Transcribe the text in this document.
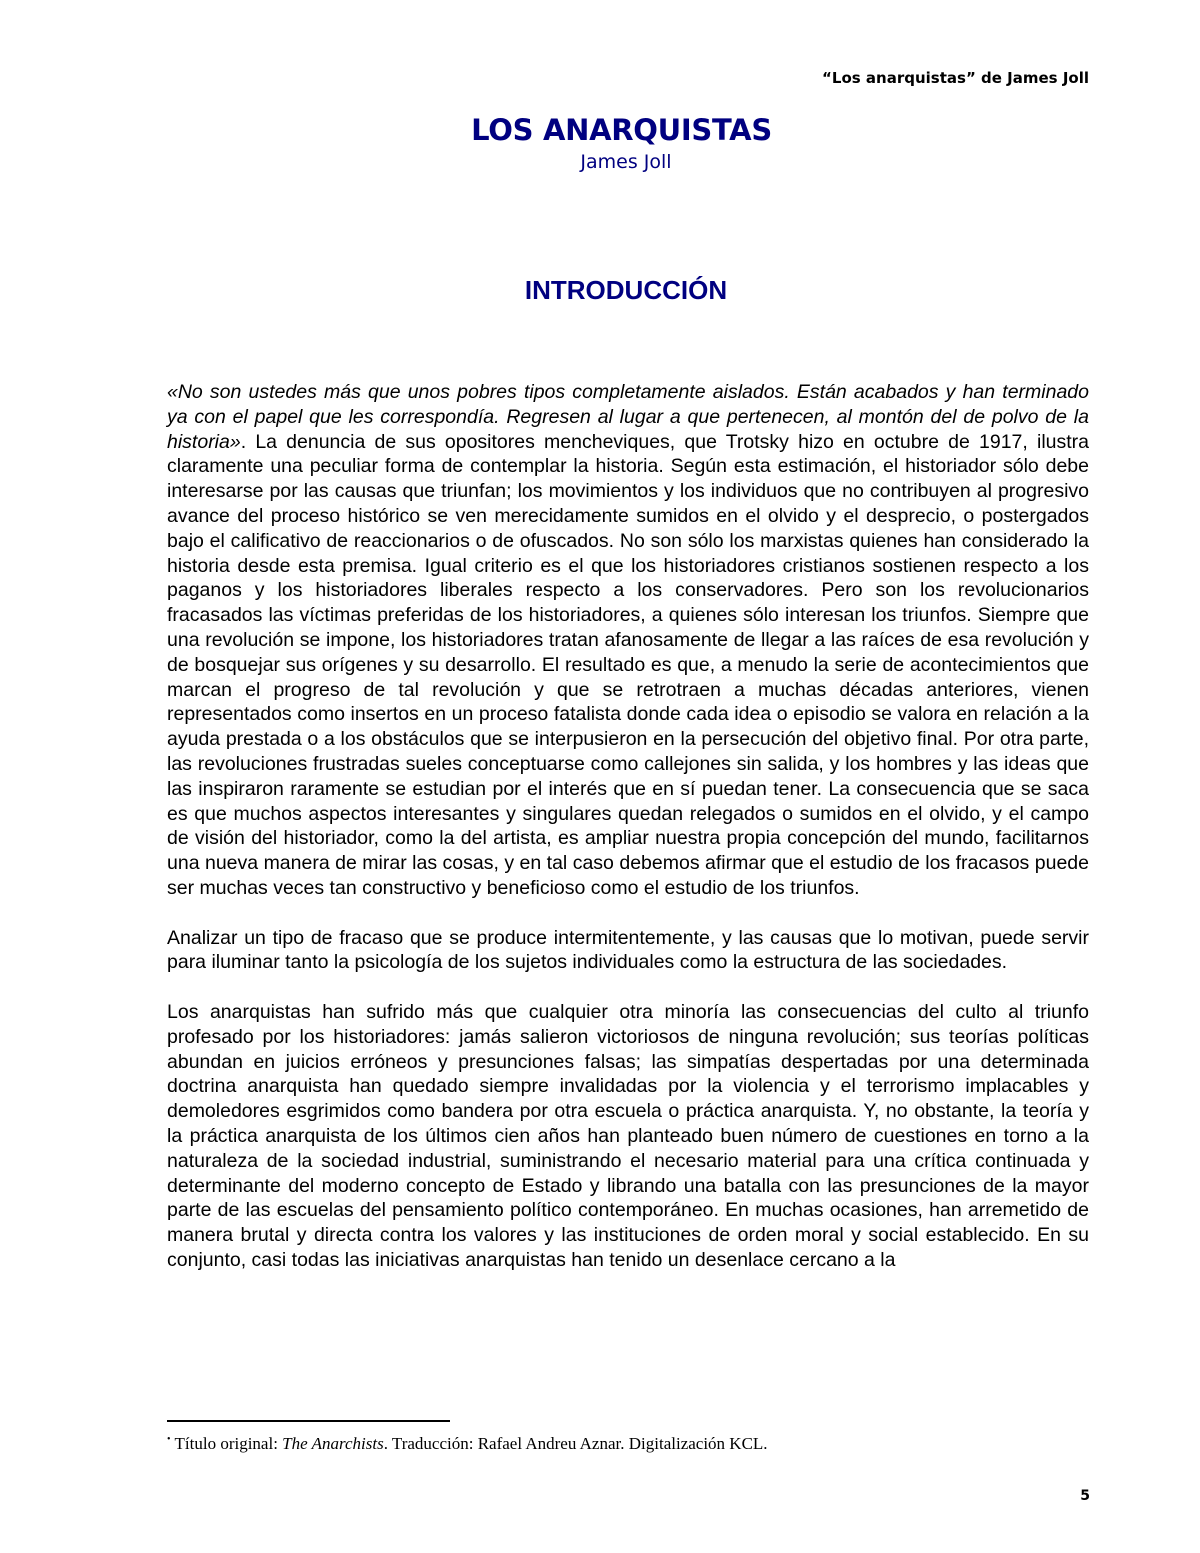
“Los anarquistas” de James Joll
LOS ANARQUISTAS
James Joll
INTRODUCCIÓN

«No son ustedes más que unos pobres tipos completamente aislados. Están acabados y han terminado ya con el papel que les correspondía. Regresen al lugar a que pertenecen, al montón del de polvo de la historia». La denuncia de sus opositores mencheviques, que Trotsky hizo en octubre de 1917, ilustra claramente una peculiar forma de contemplar la historia. Según esta estimación, el historiador sólo debe interesarse por las causas que triunfan; los movimientos y los individuos que no contribuyen al progresivo avance del proceso histórico se ven merecidamente sumidos en el olvido y el desprecio, o postergados bajo el calificativo de reaccionarios o de ofuscados. No son sólo los marxistas quienes han considerado la historia desde esta premisa. Igual criterio es el que los historiadores cristianos sostienen respecto a los paganos y los historiadores liberales respecto a los conservadores. Pero son los revolucionarios fracasados las víctimas preferidas de los historiadores, a quienes sólo interesan los triunfos. Siempre que una revolución se impone, los historiadores tratan afanosamente de llegar a las raíces de esa revolución y de bosquejar sus orígenes y su desarrollo. El resultado es que, a menudo la serie de acontecimientos que marcan el progreso de tal revolución y que se retrotraen a muchas décadas anteriores, vienen representados como insertos en un proceso fatalista donde cada idea o episodio se valora en relación a la ayuda prestada o a los obstáculos que se interpusieron en la persecución del objetivo final. Por otra parte, las revoluciones frustradas sueles conceptuarse como callejones sin salida, y los hombres y las ideas que las inspiraron raramente se estudian por el interés que en sí puedan tener. La consecuencia que se saca es que muchos aspectos interesantes y singulares quedan relegados o sumidos en el olvido, y el campo de visión del historiador, como la del artista, es ampliar nuestra propia concepción del mundo, facilitarnos una nueva manera de mirar las cosas, y en tal caso debemos afirmar que el estudio de los fracasos puede ser muchas veces tan constructivo y beneficioso como el estudio de los triunfos.

Analizar un tipo de fracaso que se produce intermitentemente, y las causas que lo motivan, puede servir para iluminar tanto la psicología de los sujetos individuales como la estructura de las sociedades.

Los anarquistas han sufrido más que cualquier otra minoría las consecuencias del culto al triunfo profesado por los historiadores: jamás salieron victoriosos de ninguna revolución; sus teorías políticas abundan en juicios erróneos y presunciones falsas; las simpatías despertadas por una determinada doctrina anarquista han quedado siempre invalidadas por la violencia y el terrorismo implacables y demoledores esgrimidos como bandera por otra escuela o práctica anarquista. Y, no obstante, la teoría y la práctica anarquista de los últimos cien años han planteado buen número de cuestiones en torno a la naturaleza de la sociedad industrial, suministrando el necesario material para una crítica continuada y determinante del moderno concepto de Estado y librando una batalla con las presunciones de la mayor parte de las escuelas del pensamiento político contemporáneo. En muchas ocasiones, han arremetido de manera brutal y directa contra los valores y las instituciones de orden moral y social establecido. En su conjunto, casi todas las iniciativas anarquistas han tenido un desenlace cercano a la

• Título original: The Anarchists. Traducción: Rafael Andreu Aznar. Digitalización KCL.
5
